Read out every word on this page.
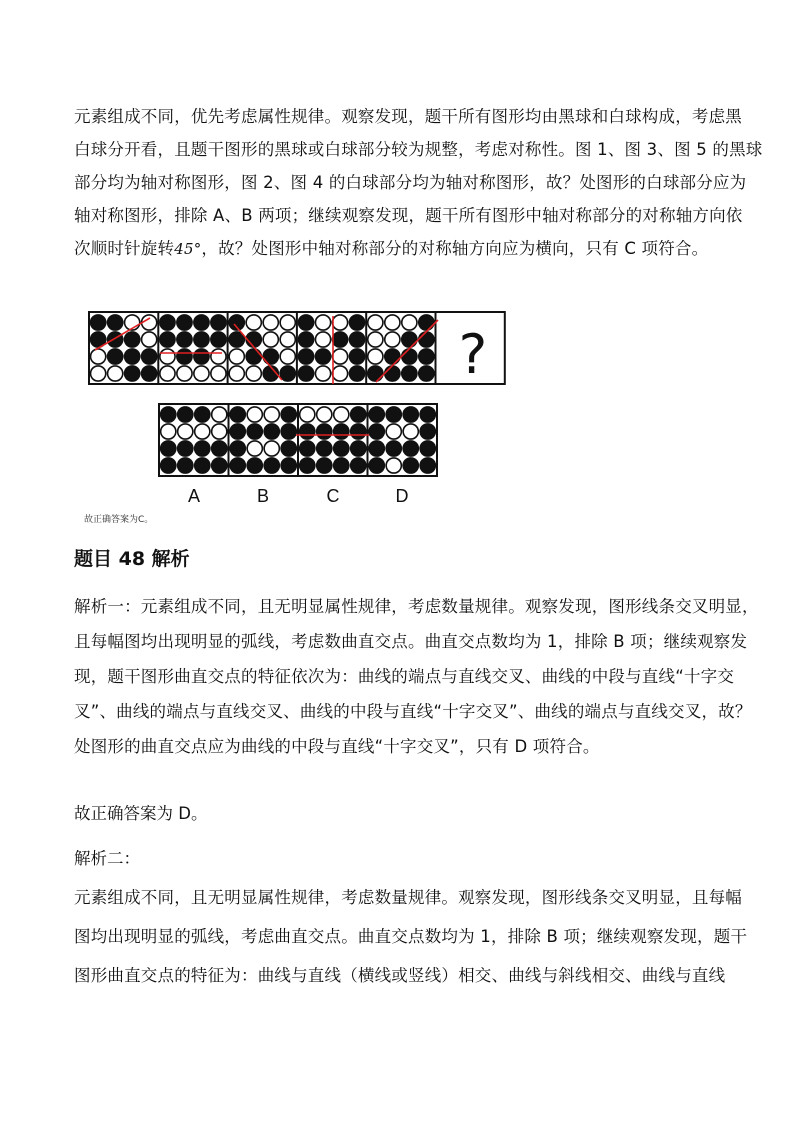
元素组成不同，优先考虑属性规律。观察发现，题干所有图形均由黑球和白球构成，考虑黑
白球分开看，且题干图形的黑球或白球部分较为规整，考虑对称性。图 1、图 3、图 5 的黑球
部分均为轴对称图形，图 2、图 4 的白球部分均为轴对称图形，故？处图形的白球部分应为
轴对称图形，排除 A、B 两项；继续观察发现，题干所有图形中轴对称部分的对称轴方向依
次顺时针旋转45°，故？处图形中轴对称部分的对称轴方向应为横向，只有 C 项符合。
?
A	B	C	D
故正确答案为C。
题目 48 解析
解析一：元素组成不同，且无明显属性规律，考虑数量规律。观察发现，图形线条交叉明显，
且每幅图均出现明显的弧线，考虑数曲直交点。曲直交点数均为 1，排除 B 项；继续观察发
现，题干图形曲直交点的特征依次为：曲线的端点与直线交叉、曲线的中段与直线“十字交
叉”、曲线的端点与直线交叉、曲线的中段与直线“十字交叉”、曲线的端点与直线交叉，故？
处图形的曲直交点应为曲线的中段与直线“十字交叉”，只有 D 项符合。
故正确答案为 D。
解析二：
元素组成不同，且无明显属性规律，考虑数量规律。观察发现，图形线条交叉明显，且每幅
图均出现明显的弧线，考虑曲直交点。曲直交点数均为 1，排除 B 项；继续观察发现，题干
图形曲直交点的特征为：曲线与直线（横线或竖线）相交、曲线与斜线相交、曲线与直线
